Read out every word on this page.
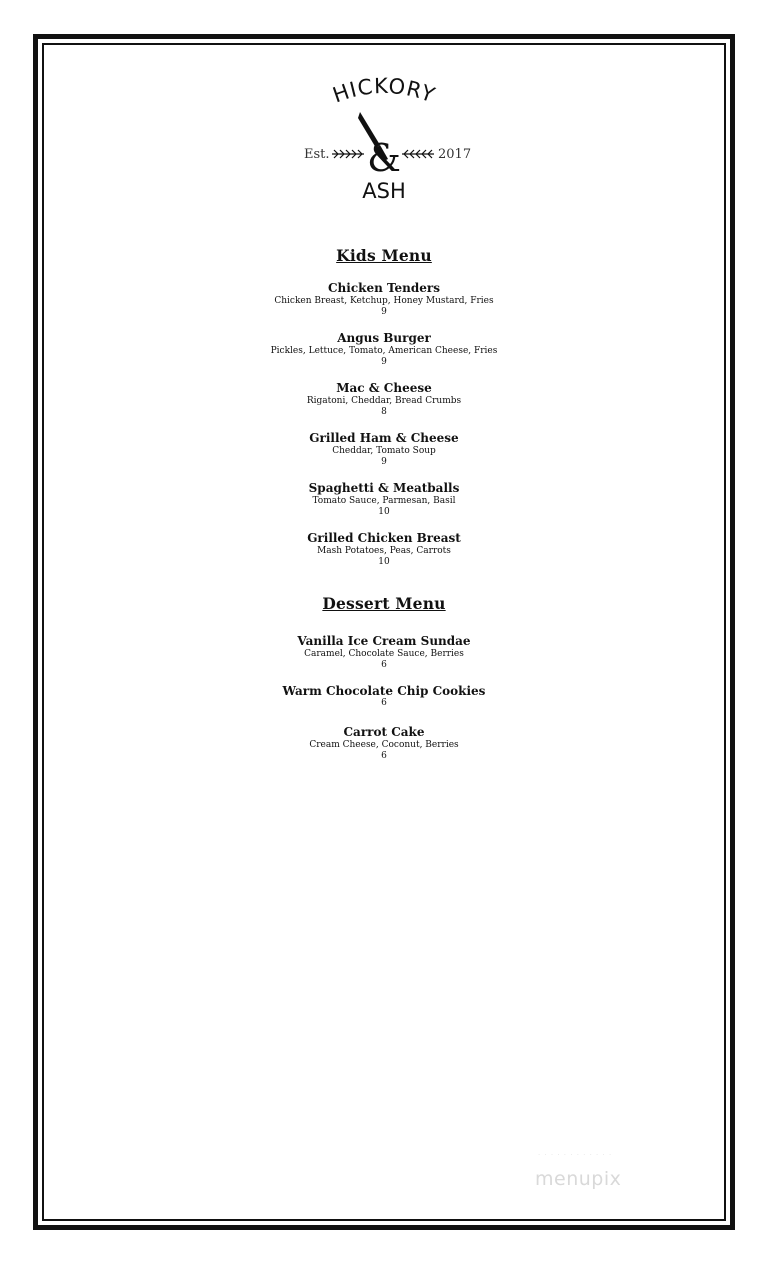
HICKORY
&
Est.	2017
ASH
Kids Menu
Chicken Tenders
Chicken Breast, Ketchup, Honey Mustard, Fries
9
Angus Burger
Pickles, Lettuce, Tomato, American Cheese, Fries
9
Mac & Cheese
Rigatoni, Cheddar, Bread Crumbs
8
Grilled Ham & Cheese
Cheddar, Tomato Soup
9
Spaghetti & Meatballs
Tomato Sauce, Parmesan, Basil
10
Grilled Chicken Breast
Mash Potatoes, Peas, Carrots
10
Dessert Menu
Vanilla Ice Cream Sundae
Caramel, Chocolate Sauce, Berries
6
Warm Chocolate Chip Cookies
6
Carrot Cake
Cream Cheese, Coconut, Berries
6
· · · · · · · · · · · ·
menupix
